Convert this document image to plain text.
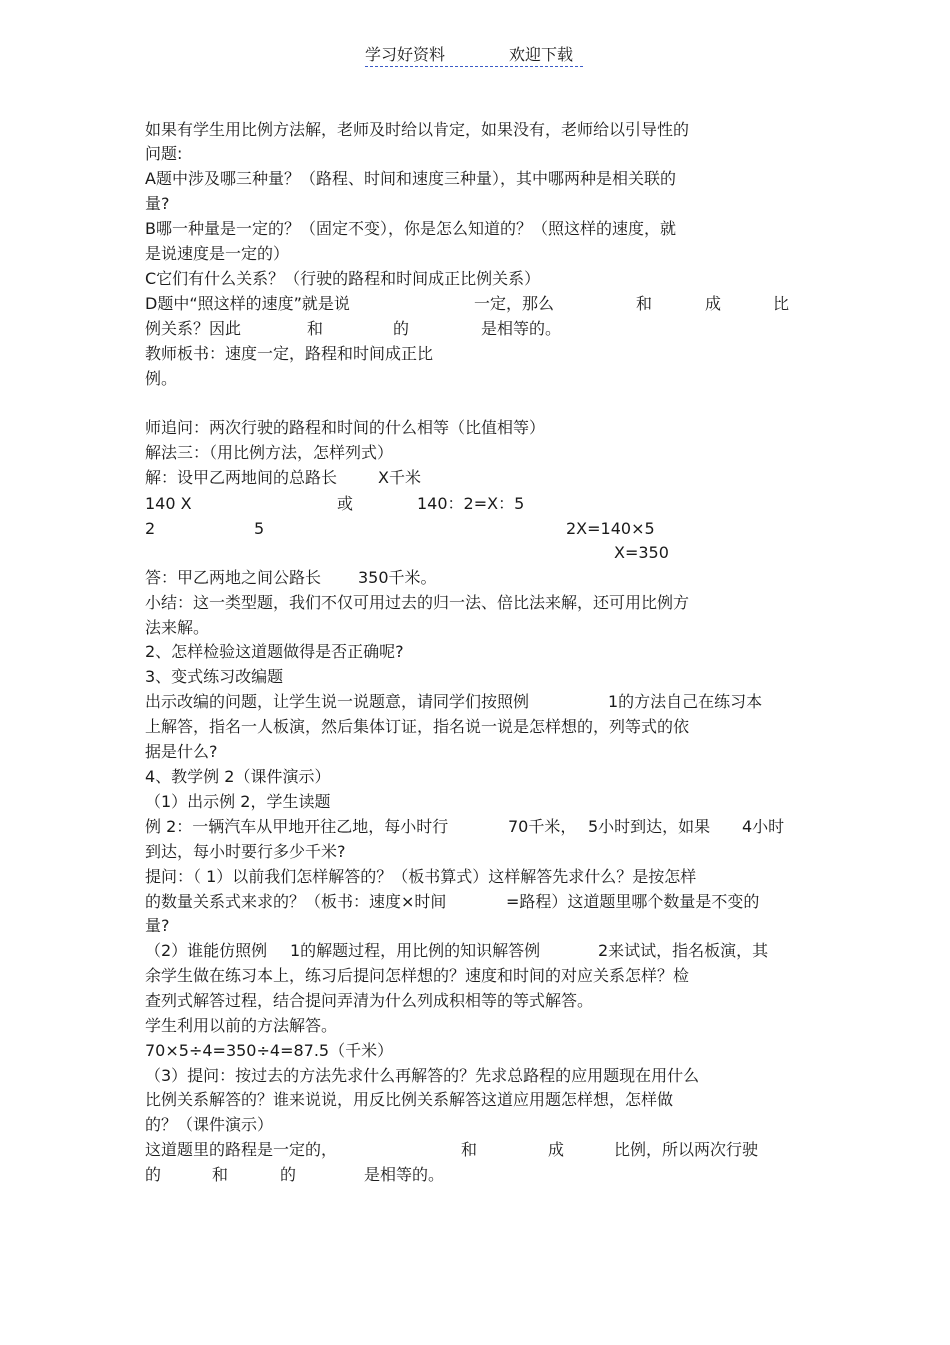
学习好资料	欢迎下载
如果有学生用比例方法解，老师及时给以肯定，如果没有，老师给以引导性的
问题:
A题中涉及哪三种量？（路程、时间和速度三种量），其中哪两种是相关联的
量?
B哪一种量是一定的？（固定不变），你是怎么知道的？（照这样的速度，就
是说速度是一定的）
C它们有什么关系？（行驶的路程和时间成正比例关系）
D题中“照这样的速度”就是说	一定，那么	和	成	比
例关系？因此	和	的	是相等的。
教师板书：速度一定，路程和时间成正比
例。
师追问：两次行驶的路程和时间的什么相等（比值相等）
解法三：（用比例方法，怎样列式）
解：设甲乙两地间的总路长	X千米
140 X	或	140：2=X：5
2	5	2X=140×5
X=350
答：甲乙两地之间公路长 350千米。
小结：这一类型题，我们不仅可用过去的归一法、倍比法来解，还可用比例方
法来解。
2、怎样检验这道题做得是否正确呢?
3、变式练习改编题
出示改编的问题，让学生说一说题意，请同学们按照例	1的方法自己在练习本
上解答，指名一人板演，然后集体订证，指名说一说是怎样想的，列等式的依
据是什么?
4、教学例 2（课件演示）
（1）出示例 2，学生读题
例 2：一辆汽车从甲地开往乙地，每小时行	70千米， 5小时到达，如果 4小时
到达，每小时要行多少千米?
提问：（ 1）以前我们怎样解答的？（板书算式）这样解答先求什么？是按怎样
的数量关系式来求的？（板书：速度×时间	=路程）这道题里哪个数量是不变的
量?
（2）谁能仿照例 1的解题过程，用比例的知识解答例	2来试试，指名板演，其
余学生做在练习本上，练习后提问怎样想的？速度和时间的对应关系怎样？检
查列式解答过程，结合提问弄清为什么列成积相等的等式解答。
学生利用以前的方法解答。
70×5÷4=350÷4=87.5（千米）
（3）提问：按过去的方法先求什么再解答的？先求总路程的应用题现在用什么
比例关系解答的？谁来说说，用反比例关系解答这道应用题怎样想，怎样做
的？（课件演示）
这道题里的路程是一定的，	和	成	比例，所以两次行驶
的	和	的	是相等的。
